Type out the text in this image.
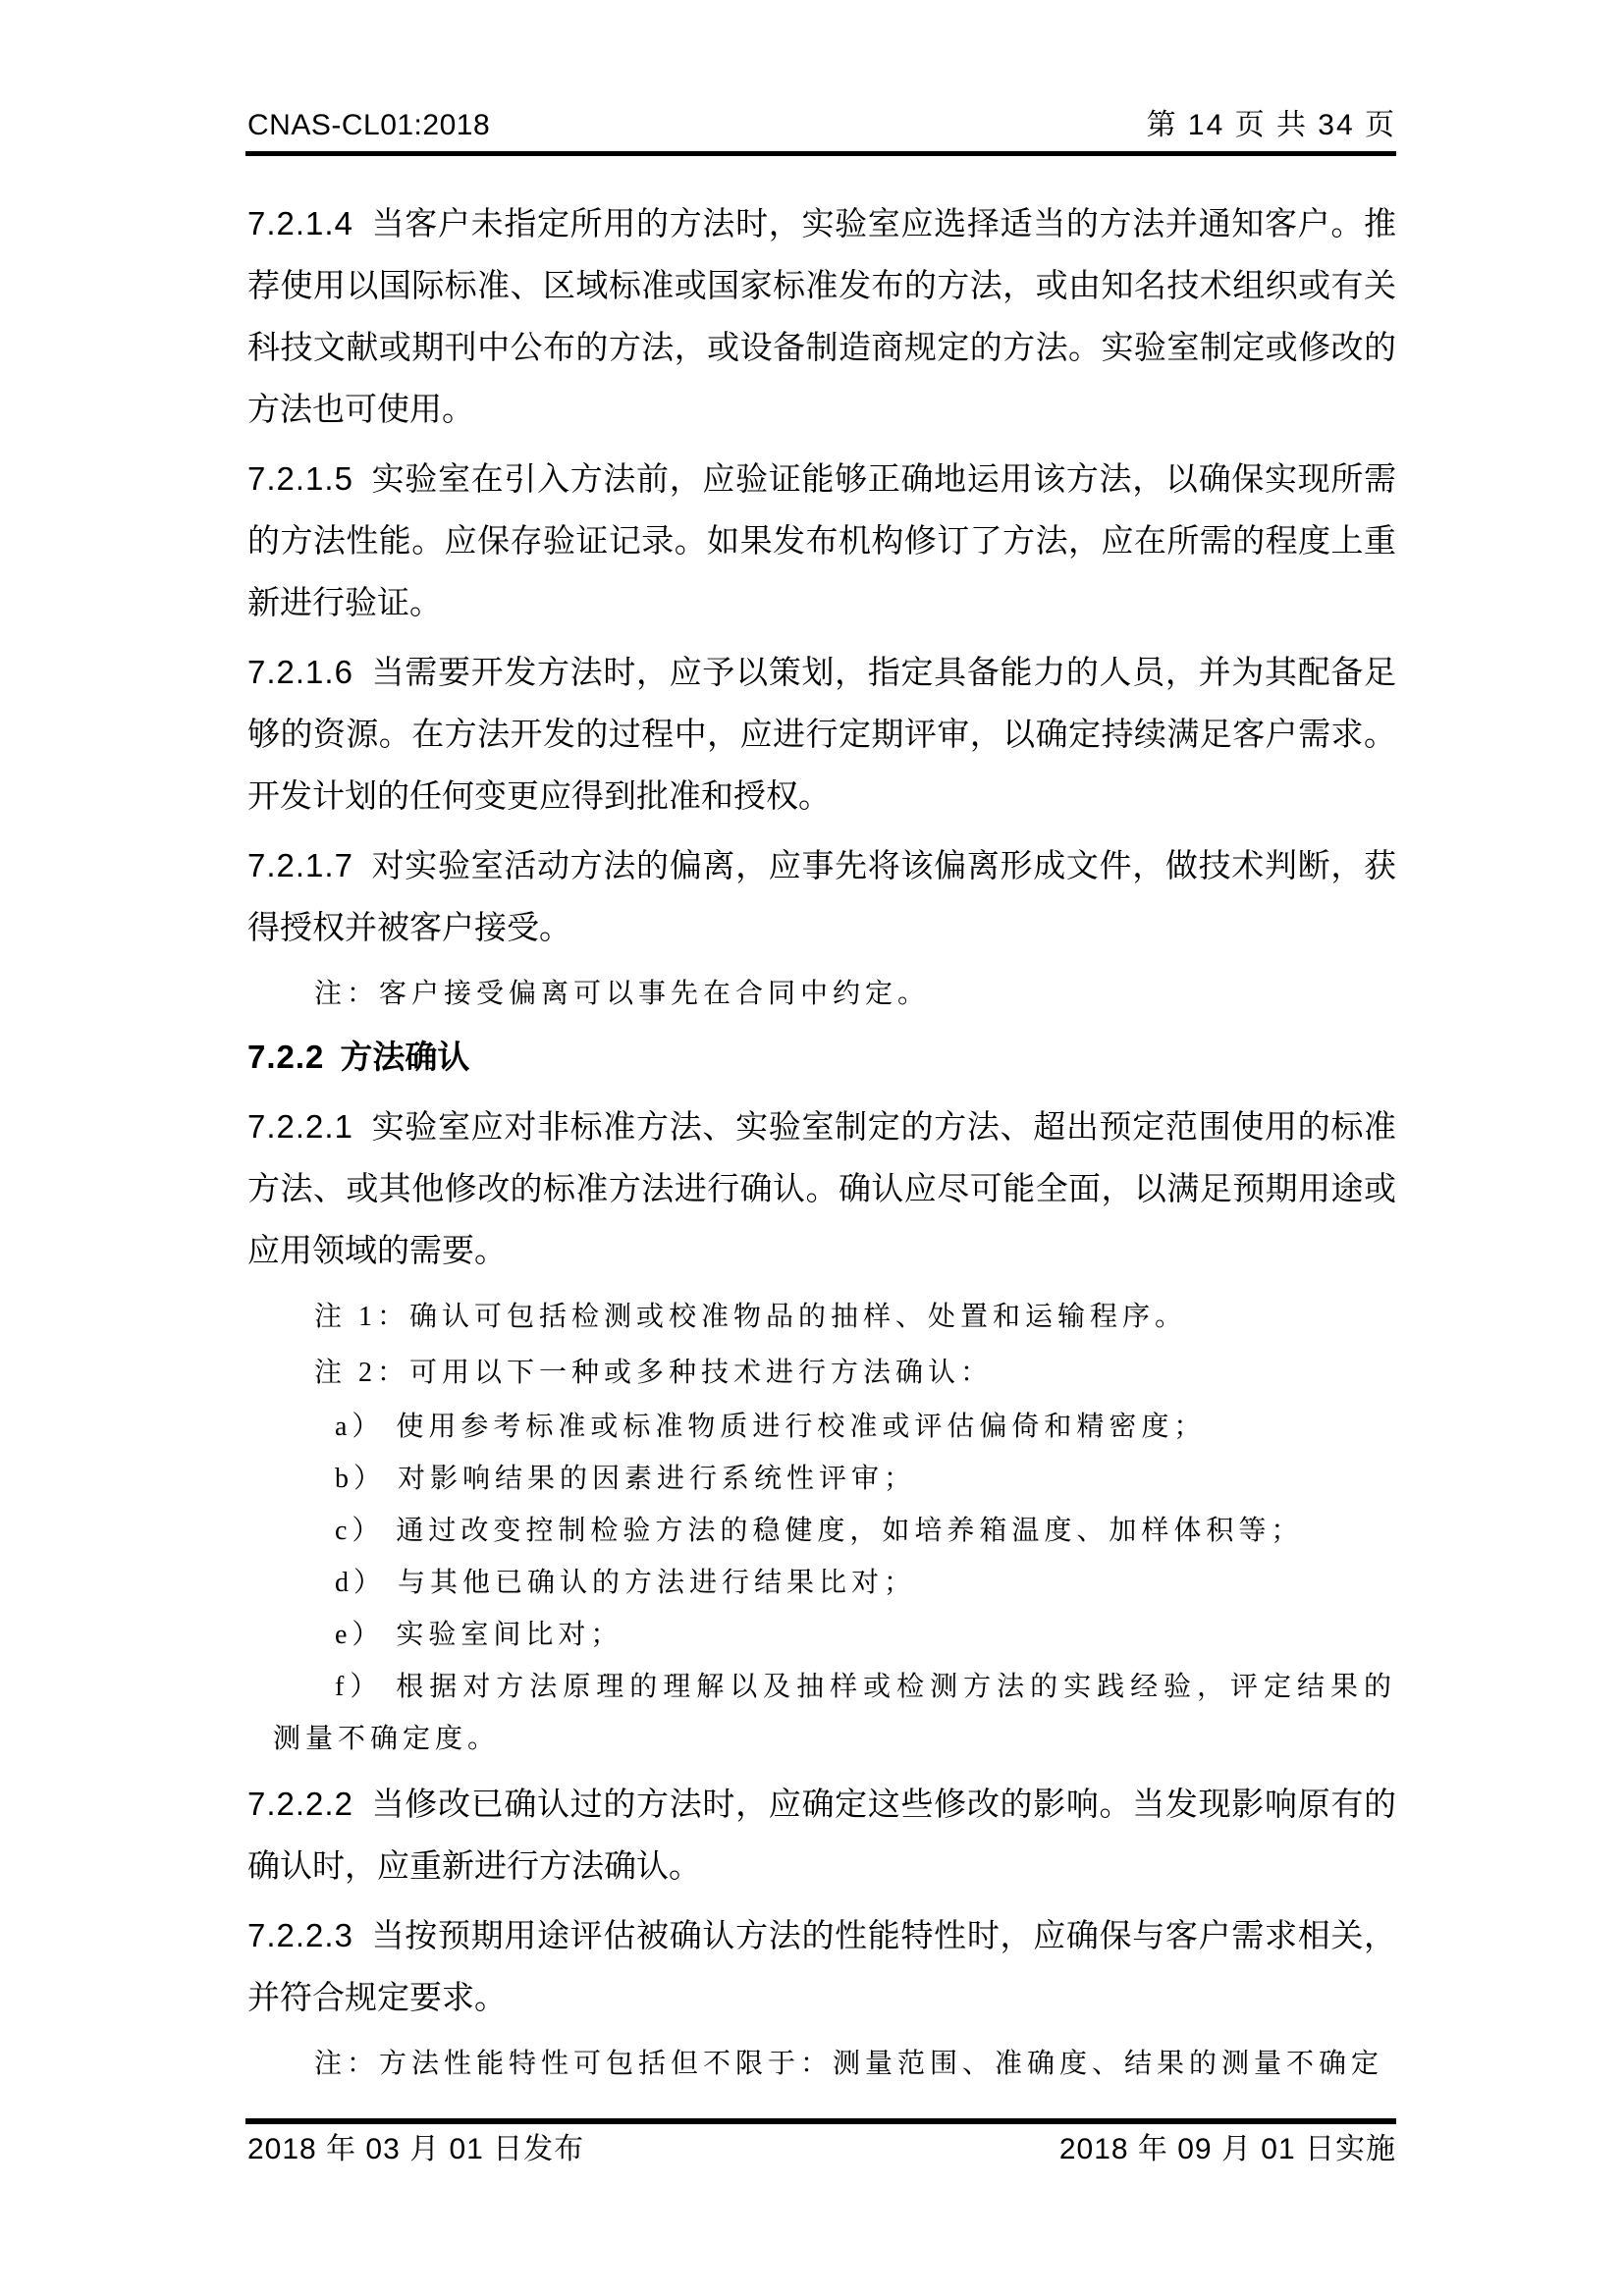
CNAS-CL01:2018	第 14 页 共 34 页

7.2.1.4 当客户未指定所用的方法时，实验室应选择适当的方法并通知客户。推荐使用以国际标准、区域标准或国家标准发布的方法，或由知名技术组织或有关科技文献或期刊中公布的方法，或设备制造商规定的方法。实验室制定或修改的方法也可使用。

7.2.1.5 实验室在引入方法前，应验证能够正确地运用该方法，以确保实现所需的方法性能。应保存验证记录。如果发布机构修订了方法，应在所需的程度上重新进行验证。

7.2.1.6 当需要开发方法时，应予以策划，指定具备能力的人员，并为其配备足够的资源。在方法开发的过程中，应进行定期评审，以确定持续满足客户需求。开发计划的任何变更应得到批准和授权。

7.2.1.7 对实验室活动方法的偏离，应事先将该偏离形成文件，做技术判断，获得授权并被客户接受。

注：客户接受偏离可以事先在合同中约定。

7.2.2 方法确认

7.2.2.1 实验室应对非标准方法、实验室制定的方法、超出预定范围使用的标准方法、或其他修改的标准方法进行确认。确认应尽可能全面，以满足预期用途或应用领域的需要。

注 1：确认可包括检测或校准物品的抽样、处置和运输程序。

注 2：可用以下一种或多种技术进行方法确认：

a） 使用参考标准或标准物质进行校准或评估偏倚和精密度；

b） 对影响结果的因素进行系统性评审；

c） 通过改变控制检验方法的稳健度，如培养箱温度、加样体积等；

d） 与其他已确认的方法进行结果比对；

e） 实验室间比对；

f） 根据对方法原理的理解以及抽样或检测方法的实践经验，评定结果的测量不确定度。

7.2.2.2 当修改已确认过的方法时，应确定这些修改的影响。当发现影响原有的确认时，应重新进行方法确认。

7.2.2.3 当按预期用途评估被确认方法的性能特性时，应确保与客户需求相关，并符合规定要求。

注：方法性能特性可包括但不限于：测量范围、准确度、结果的测量不确定

2018 年 03 月 01 日发布	2018 年 09 月 01 日实施
